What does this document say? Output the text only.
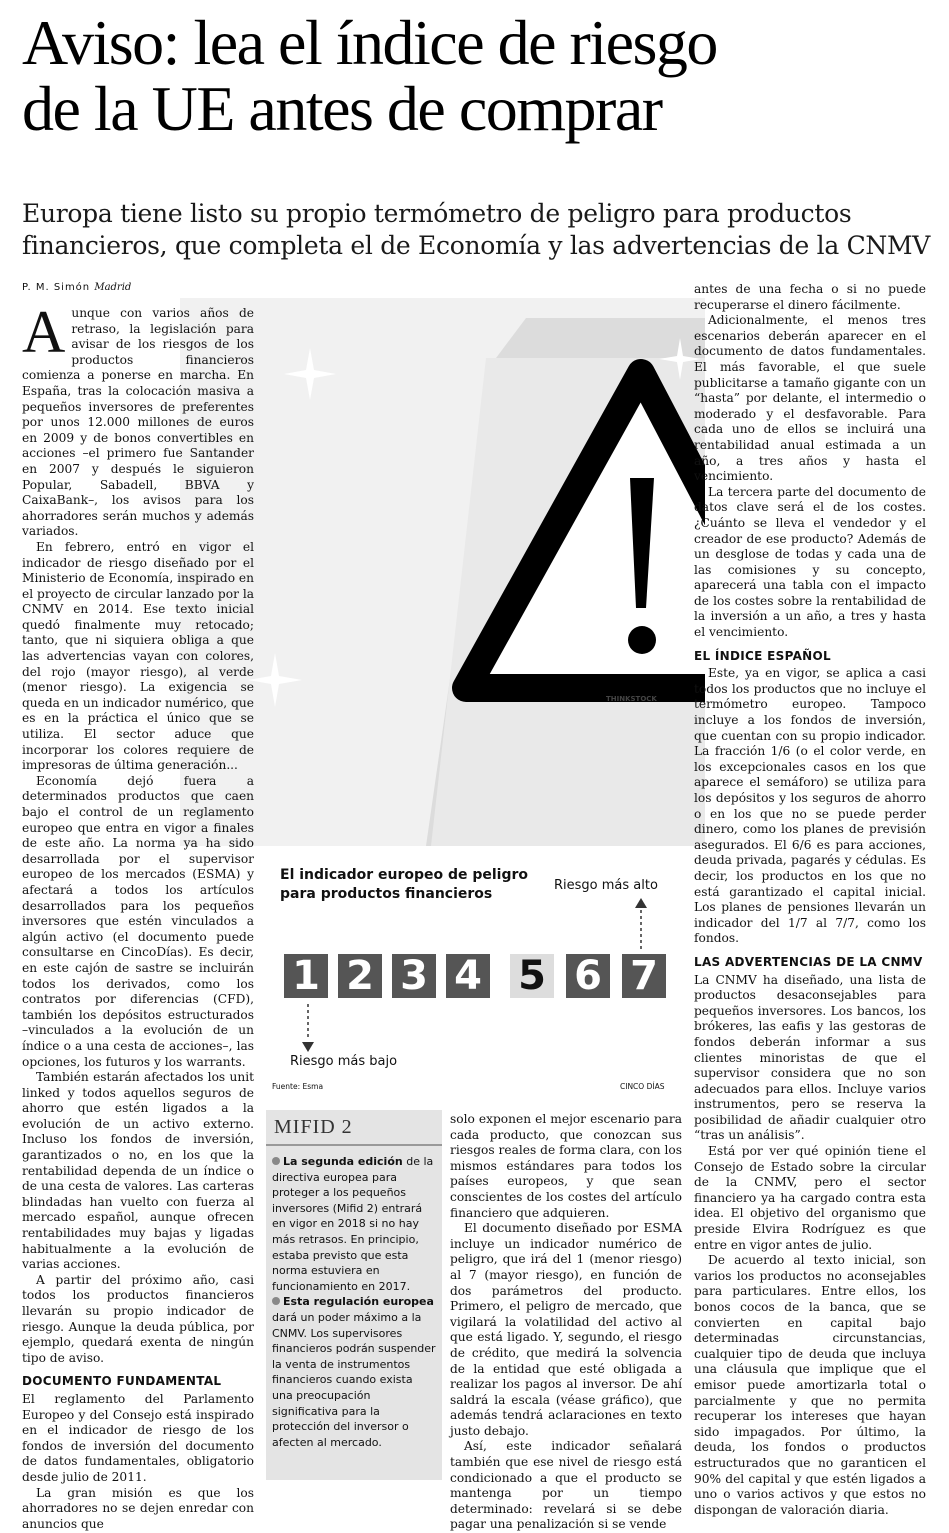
Aviso: lea el índice de riesgo
de la UE antes de comprar
Europa tiene listo su propio termómetro de peligro para productos
financieros, que completa el de Economía y las advertencias de la CNMV
P. M. Simón Madrid
THINKSTOCK

Aunque con varios años de retraso, la legislación para avisar de los riesgos de los productos financieros comienza a ponerse en marcha. En España, tras la colocación masiva a pequeños inversores de preferentes por unos 12.000 millones de euros en 2009 y de bonos convertibles en acciones –el primero fue Santander en 2007 y después le siguieron Popular, Sabadell, BBVA y CaixaBank–, los avisos para los ahorradores serán muchos y además variados.

En febrero, entró en vigor el indicador de riesgo diseñado por el Ministerio de Economía, inspirado en el proyecto de circular lanzado por la CNMV en 2014. Ese texto inicial quedó finalmente muy retocado; tanto, que ni siquiera obliga a que las advertencias vayan con colores, del rojo (mayor riesgo), al verde (menor riesgo). La exigencia se queda en un indicador numérico, que es en la práctica el único que se utiliza. El sector aduce que incorporar los colores requiere de impresoras de última generación...

Economía dejó fuera a determinados productos que caen bajo el control de un reglamento europeo que entra en vigor a finales de este año. La norma ya ha sido desarrollada por el supervisor europeo de los mercados (ESMA) y afectará a todos los artículos desarrollados para los pequeños inversores que estén vinculados a algún activo (el documento puede consultarse en CincoDías). Es decir, en este cajón de sastre se incluirán todos los derivados, como los contratos por diferencias (CFD), también los depósitos estructurados –vinculados a la evolución de un índice o a una cesta de acciones–, las opciones, los futuros y los warrants.

También estarán afectados los unit linked y todos aquellos seguros de ahorro que estén ligados a la evolución de un activo externo. Incluso los fondos de inversión, garantizados o no, en los que la rentabilidad dependa de un índice o de una cesta de valores. Las carteras blindadas han vuelto con fuerza al mercado español, aunque ofrecen rentabilidades muy bajas y ligadas habitualmente a la evolución de varias acciones.

A partir del próximo año, casi todos los productos financieros llevarán su propio indicador de riesgo. Aunque la deuda pública, por ejemplo, quedará exenta de ningún tipo de aviso.

DOCUMENTO FUNDAMENTAL

El reglamento del Parlamento Europeo y del Consejo está inspirado en el indicador de riesgo de los fondos de inversión del documento de datos fundamentales, obligatorio desde julio de 2011.

La gran misión es que los ahorradores no se dejen enredar con anuncios que

antes de una fecha o si no puede recuperarse el dinero fácilmente.

Adicionalmente, el menos tres escenarios deberán aparecer en el documento de datos fundamentales. El más favorable, el que suele publicitarse a tamaño gigante con un “hasta” por delante, el intermedio o moderado y el desfavorable. Para cada uno de ellos se incluirá una rentabilidad anual estimada a un año, a tres años y hasta el vencimiento.

La tercera parte del documento de datos clave será el de los costes. ¿Cuánto se lleva el vendedor y el creador de ese producto? Además de un desglose de todas y cada una de las comisiones y su concepto, aparecerá una tabla con el impacto de los costes sobre la rentabilidad de la inversión a un año, a tres y hasta el vencimiento.

EL ÍNDICE ESPAÑOL

Este, ya en vigor, se aplica a casi todos los productos que no incluye el termómetro europeo. Tampoco incluye a los fondos de inversión, que cuentan con su propio indicador. La fracción 1/6 (o el color verde, en los excepcionales casos en los que aparece el semáforo) se utiliza para los depósitos y los seguros de ahorro o en los que no se puede perder dinero, como los planes de previsión asegurados. El 6/6 es para acciones, deuda privada, pagarés y cédulas. Es decir, los productos en los que no está garantizado el capital inicial. Los planes de pensiones llevarán un indicador del 1/7 al 7/7, como los fondos.

LAS ADVERTENCIAS DE LA CNMV

La CNMV ha diseñado, una lista de productos desaconsejables para pequeños inversores. Los bancos, los brókeres, las eafis y las gestoras de fondos deberán informar a sus clientes minoristas de que el supervisor considera que no son adecuados para ellos. Incluye varios instrumentos, pero se reserva la posibilidad de añadir cualquier otro “tras un análisis”.

Está por ver qué opinión tiene el Consejo de Estado sobre la circular de la CNMV, pero el sector financiero ya ha cargado contra esta idea. El objetivo del organismo que preside Elvira Rodríguez es que entre en vigor antes de julio.

De acuerdo al texto inicial, son varios los productos no aconsejables para particulares. Entre ellos, los bonos cocos de la banca, que se convierten en capital bajo determinadas circunstancias, cualquier tipo de deuda que incluya una cláusula que implique que el emisor puede amortizarla total o parcialmente y que no permita recuperar los intereses que hayan sido impagados. Por último, la deuda, los fondos o productos estructurados que no garanticen el 90% del capital y que estén ligados a uno o varios activos y que estos no dispongan de valoración diaria.

El indicador europeo de peligro para productos financieros
Riesgo más alto
1 2 3 4 5 6 7
Riesgo más bajo
Fuente: Esma	CINCO DÍAS
MIFID 2

La segunda edición de la directiva europea para proteger a los pequeños inversores (Mifid 2) entrará en vigor en 2018 si no hay más retrasos. En principio, estaba previsto que esta norma estuviera en funcionamiento en 2017.

Esta regulación europea dará un poder máximo a la CNMV. Los supervisores financieros podrán suspender la venta de instrumentos financieros cuando exista una preocupación significativa para la protección del inversor o afecten al mercado.

solo exponen el mejor escenario para cada producto, que conozcan sus riesgos reales de forma clara, con los mismos estándares para todos los países europeos, y que sean conscientes de los costes del artículo financiero que adquieren.

El documento diseñado por ESMA incluye un indicador numérico de peligro, que irá del 1 (menor riesgo) al 7 (mayor riesgo), en función de dos parámetros del producto. Primero, el peligro de mercado, que vigilará la volatilidad del activo al que está ligado. Y, segundo, el riesgo de crédito, que medirá la solvencia de la entidad que esté obligada a realizar los pagos al inversor. De ahí saldrá la escala (véase gráfico), que además tendrá aclaraciones en texto justo debajo.

Así, este indicador señalará también que ese nivel de riesgo está condicionado a que el producto se mantenga por un tiempo determinado: revelará si se debe pagar una penalización si se vende
